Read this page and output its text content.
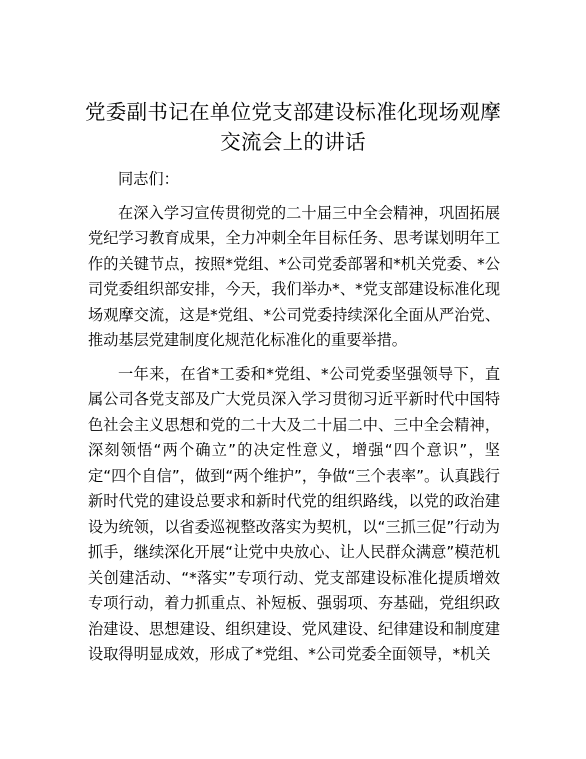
党委副书记在单位党支部建设标准化现场观摩
交流会上的讲话
同志们：
在深入学习宣传贯彻党的二十届三中全会精神，巩固拓展党纪学习教育成果，全力冲刺全年目标任务、思考谋划明年工作的关键节点，按照*党组、*公司党委部署和*机关党委、*公司党委组织部安排，今天，我们举办*、*党支部建设标准化现场观摩交流，这是*党组、*公司党委持续深化全面从严治党、推动基层党建制度化规范化标准化的重要举措。
一年来，在省*工委和*党组、*公司党委坚强领导下，直属公司各党支部及广大党员深入学习贯彻习近平新时代中国特色社会主义思想和党的二十大及二十届二中、三中全会精神，深刻领悟“两个确立”的决定性意义，增强“四个意识”，坚定“四个自信”，做到“两个维护”，争做“三个表率”。认真践行新时代党的建设总要求和新时代党的组织路线，以党的政治建设为统领，以省委巡视整改落实为契机，以“三抓三促”行动为抓手，继续深化开展“让党中央放心、让人民群众满意”模范机关创建活动、“*落实”专项行动、党支部建设标准化提质增效专项行动，着力抓重点、补短板、强弱项、夯基础，党组织政治建设、思想建设、组织建设、党风建设、纪律建设和制度建设取得明显成效，形成了*党组、*公司党委全面领导，*机关
